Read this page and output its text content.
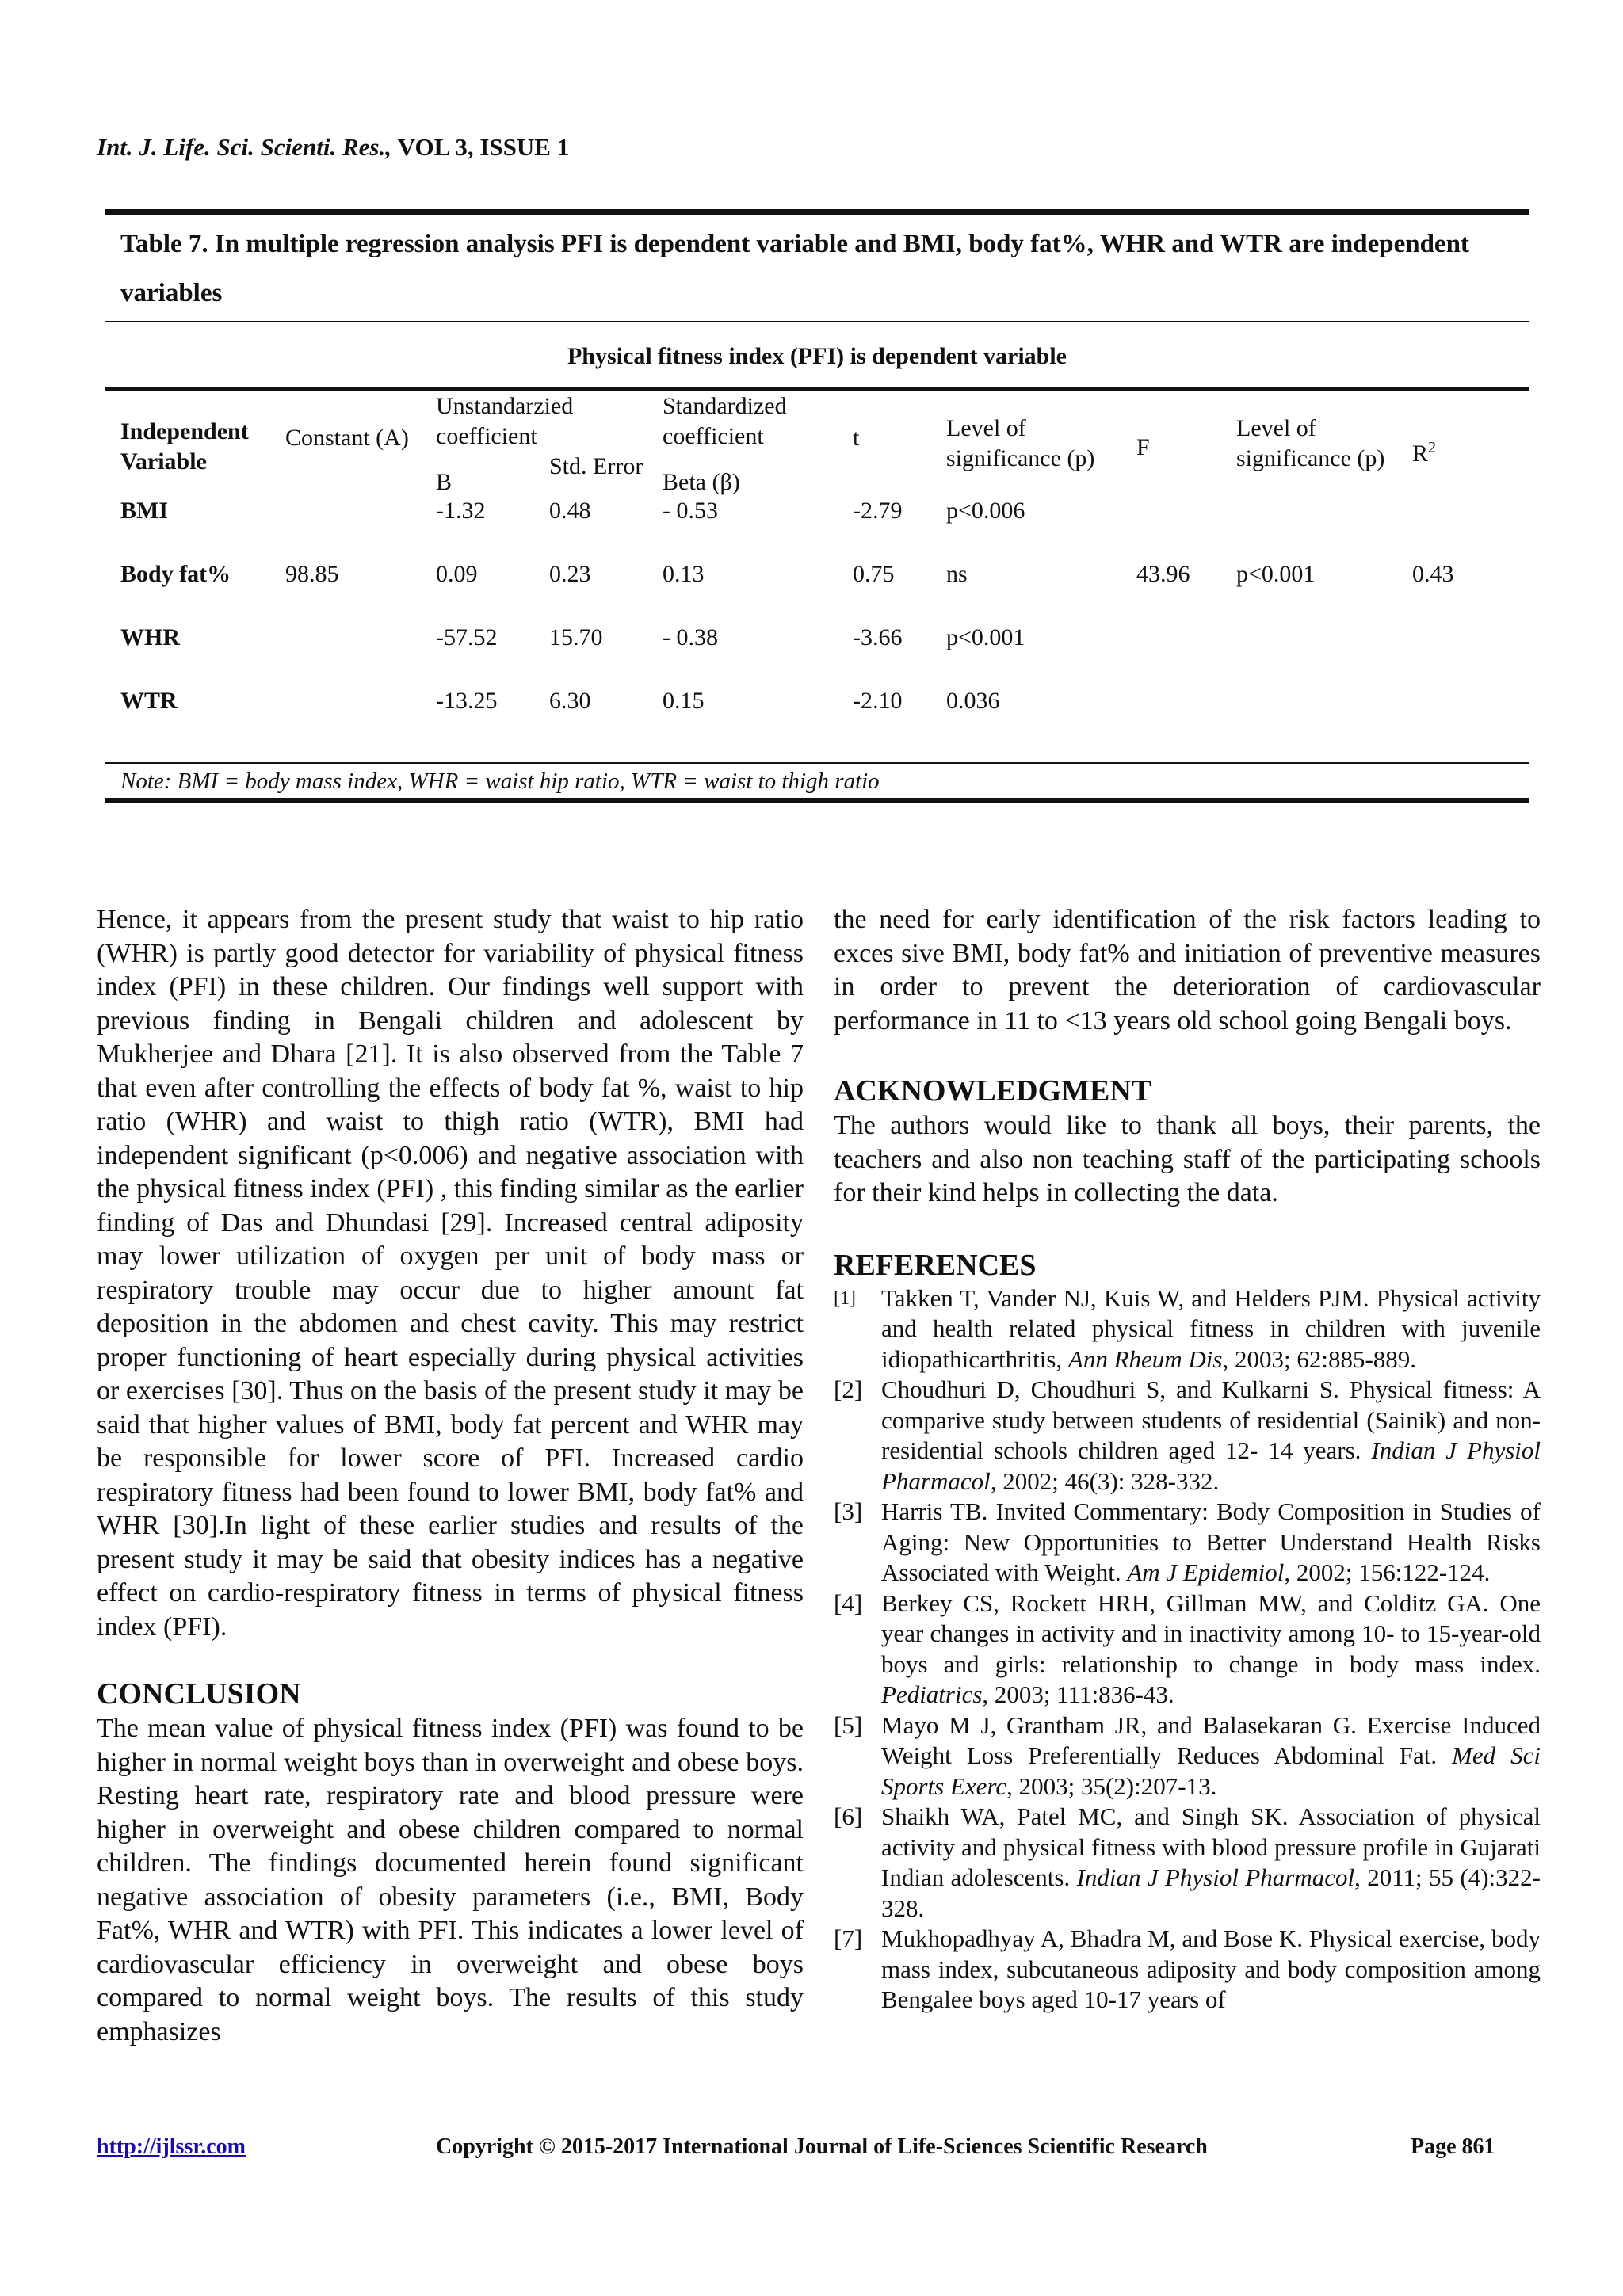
Int. J. Life. Sci. Scienti. Res., VOL 3, ISSUE 1
Table 7. In multiple regression analysis PFI is dependent variable and BMI, body fat%, WHR and WTR are independent variables
Physical fitness index (PFI) is dependent variable
Independent Variable	Constant (A)	Unstandarzied coefficient		Standardized coefficient	t	Level of significance (p)	F	Level of significance (p)	$R^2$
		B	Std. Error	Beta (β)					
BMI		-1.32	0.48	- 0.53	-2.79	p<0.006			
Body fat%	98.85	0.09	0.23	0.13	0.75	ns	43.96	p<0.001	0.43
WHR		-57.52	15.70	- 0.38	-3.66	p<0.001			
WTR		-13.25	6.30	0.15	-2.10	0.036			
Note: BMI = body mass index, WHR = waist hip ratio, WTR = waist to thigh ratio

Hence, it appears from the present study that waist to hip ratio (WHR) is partly good detector for variability of physical fitness index (PFI) in these children. Our findings well support with previous finding in Bengali children and adolescent by Mukherjee and Dhara [21]. It is also observed from the Table 7 that even after controlling the effects of body fat %, waist to hip ratio (WHR) and waist to thigh ratio (WTR), BMI had independent significant (p<0.006) and negative association with the physical fitness index (PFI) , this finding similar as the earlier finding of Das and Dhundasi [29]. Increased central adiposity may lower utilization of oxygen per unit of body mass or respiratory trouble may occur due to higher amount fat deposition in the abdomen and chest cavity. This may restrict proper functioning of heart especially during physical activities or exercises [30]. Thus on the basis of the present study it may be said that higher values of BMI, body fat percent and WHR may be responsible for lower score of PFI. Increased cardio respiratory fitness had been found to lower BMI, body fat% and WHR [30].In light of these earlier studies and results of the present study it may be said that obesity indices has a negative effect on cardio-respiratory fitness in terms of physical fitness index (PFI).

CONCLUSION

The mean value of physical fitness index (PFI) was found to be higher in normal weight boys than in overweight and obese boys. Resting heart rate, respiratory rate and blood pressure were higher in overweight and obese children compared to normal children. The findings documented herein found significant negative association of obesity parameters (i.e., BMI, Body Fat%, WHR and WTR) with PFI. This indicates a lower level of cardiovascular efficiency in overweight and obese boys compared to normal weight boys. The results of this study emphasizes

the need for early identification of the risk factors leading to exces sive BMI, body fat% and initiation of preventive measures in order to prevent the deterioration of cardiovascular performance in 11 to <13 years old school going Bengali boys.

ACKNOWLEDGMENT

The authors would like to thank all boys, their parents, the teachers and also non teaching staff of the participating schools for their kind helps in collecting the data.

REFERENCES
[1]	Takken T, Vander NJ, Kuis W, and Helders PJM. Physical activity and health related physical fitness in children with juvenile idiopathicarthritis, Ann Rheum Dis, 2003; 62:885-889.
[2] Choudhuri D, Choudhuri S, and Kulkarni S. Physical fitness: A comparive study between students of residential (Sainik) and non-residential schools children aged 12- 14 years. Indian J Physiol Pharmacol, 2002; 46(3): 328-332.
[3] Harris TB. Invited Commentary: Body Composition in Studies of Aging: New Opportunities to Better Understand Health Risks Associated with Weight. Am J Epidemiol, 2002; 156:122-124.
[4] Berkey CS, Rockett HRH, Gillman MW, and Colditz GA. One year changes in activity and in inactivity among 10- to 15-year-old boys and girls: relationship to change in body mass index. Pediatrics, 2003; 111:836-43.
[5] Mayo M J, Grantham JR, and Balasekaran G. Exercise Induced Weight Loss Preferentially Reduces Abdominal Fat. Med Sci Sports Exerc, 2003; 35(2):207-13.
[6] Shaikh WA, Patel MC, and Singh SK. Association of physical activity and physical fitness with blood pressure profile in Gujarati Indian adolescents. Indian J Physiol Pharmacol, 2011; 55 (4):322-328.
[7] Mukhopadhyay A, Bhadra M, and Bose K. Physical exercise, body mass index, subcutaneous adiposity and body composition among Bengalee boys aged 10-17 years of
http://ijlssr.com	Copyright © 2015-2017 International Journal of Life-Sciences Scientific Research	Page 861
